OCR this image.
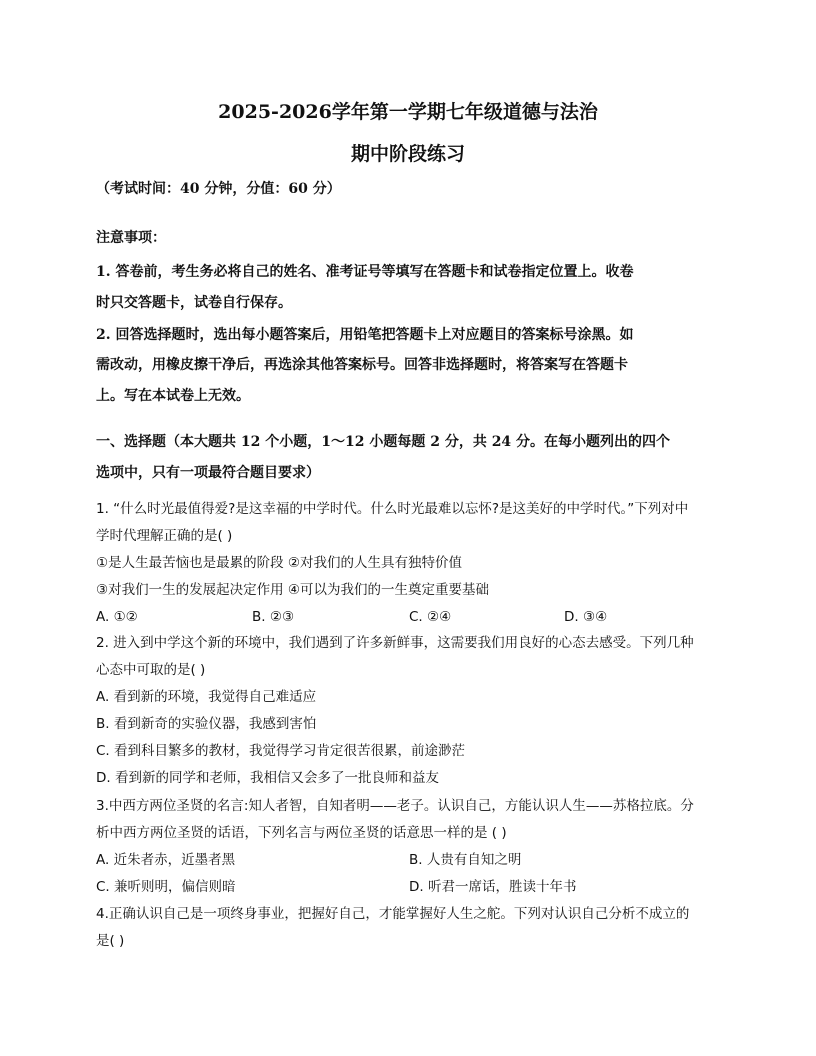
2025-2026学年第一学期七年级道德与法治
期中阶段练习
（考试时间：40 分钟，分值：60 分）
注意事项：
1. 答卷前，考生务必将自己的姓名、准考证号等填写在答题卡和试卷指定位置上。收卷
时只交答题卡，试卷自行保存。
2. 回答选择题时，选出每小题答案后，用铅笔把答题卡上对应题目的答案标号涂黑。如
需改动，用橡皮擦干净后，再选涂其他答案标号。回答非选择题时，将答案写在答题卡
上。写在本试卷上无效。
一、选择题（本大题共 12 个小题，1～12 小题每题 2 分，共 24 分。在每小题列出的四个
选项中，只有一项最符合题目要求）
1. “什么时光最值得爱?是这幸福的中学时代。什么时光最难以忘怀?是这美好的中学时代。”下列对中
学时代理解正确的是( )
①是人生最苦恼也是最累的阶段 ②对我们的人生具有独特价值
③对我们一生的发展起决定作用 ④可以为我们的一生奠定重要基础
A. ①②	B. ②③	C. ②④	D. ③④
2. 进入到中学这个新的环境中，我们遇到了许多新鲜事，这需要我们用良好的心态去感受。下列几种
心态中可取的是( )
A. 看到新的环境，我觉得自己难适应
B. 看到新奇的实验仪器，我感到害怕
C. 看到科目繁多的教材，我觉得学习肯定很苦很累，前途渺茫
D. 看到新的同学和老师，我相信又会多了一批良师和益友
3.中西方两位圣贤的名言:知人者智，自知者明——老子。认识自己，方能认识人生——苏格拉底。分
析中西方两位圣贤的话语，下列名言与两位圣贤的话意思一样的是 ( )
A. 近朱者赤，近墨者黑	B. 人贵有自知之明
C. 兼听则明，偏信则暗	D. 听君一席话，胜读十年书
4.正确认识自己是一项终身事业，把握好自己，才能掌握好人生之舵。下列对认识自己分析不成立的
是( )
